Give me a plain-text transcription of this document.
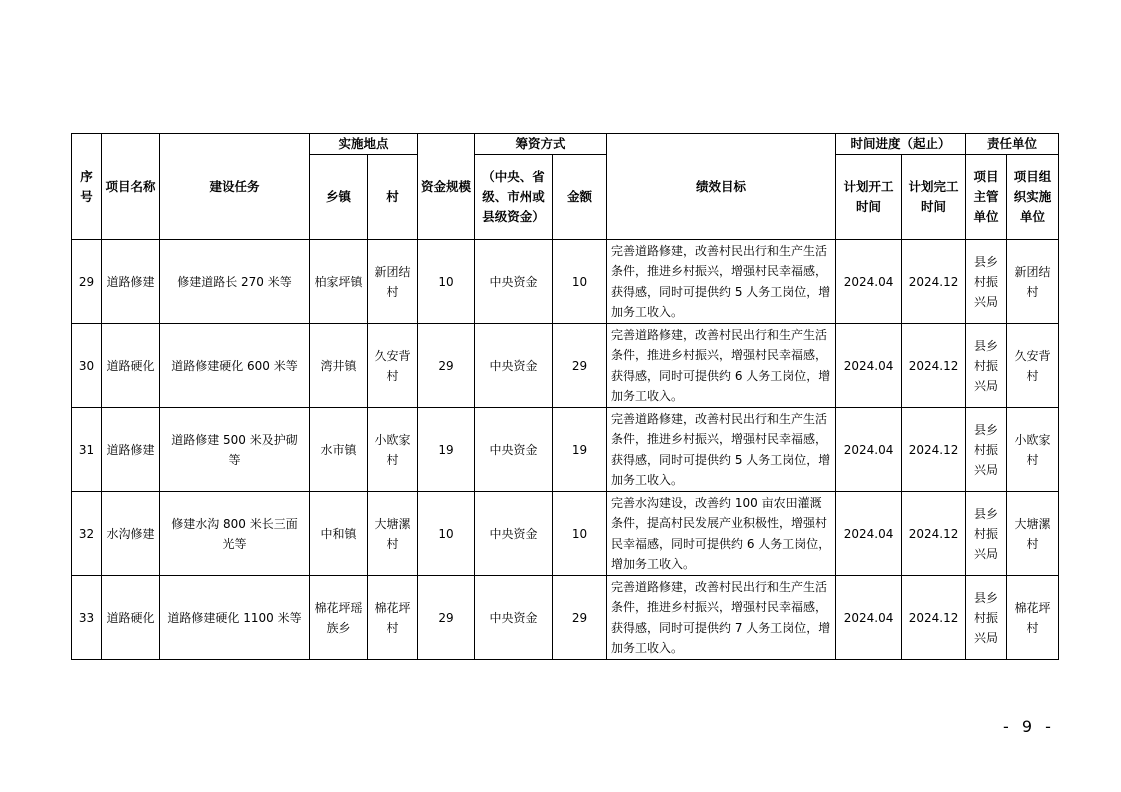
序号	项目名称	建设任务	实施地点		资金规模	筹资方式		绩效目标	时间进度（起止）		责任单位	
			乡镇	村		（中央、省级、市州或县级资金）	金额		计划开工时间	计划完工时间	项目主管单位	项目组织实施单位
29	道路修建	修建道路长 270 米等	柏家坪镇	新团结村	10	中央资金	10	完善道路修建，改善村民出行和生产生活条件，推进乡村振兴，增强村民幸福感，获得感，同时可提供约 5 人务工岗位，增加务工收入。	2024.04	2024.12	县乡村振兴局	新团结村
30	道路硬化	道路修建硬化 600 米等	湾井镇	久安背村	29	中央资金	29	完善道路修建，改善村民出行和生产生活条件，推进乡村振兴，增强村民幸福感，获得感，同时可提供约 6 人务工岗位，增加务工收入。	2024.04	2024.12	县乡村振兴局	久安背村
31	道路修建	道路修建 500 米及护砌等	水市镇	小欧家村	19	中央资金	19	完善道路修建，改善村民出行和生产生活条件，推进乡村振兴，增强村民幸福感，获得感，同时可提供约 5 人务工岗位，增加务工收入。	2024.04	2024.12	县乡村振兴局	小欧家村
32	水沟修建	修建水沟 800 米长三面光等	中和镇	大塘漯村	10	中央资金	10	完善水沟建设，改善约 100 亩农田灌溉条件，提高村民发展产业积极性，增强村民幸福感，同时可提供约 6 人务工岗位，增加务工收入。	2024.04	2024.12	县乡村振兴局	大塘漯村
33	道路硬化	道路修建硬化 1100 米等	棉花坪瑶族乡	棉花坪村	29	中央资金	29	完善道路修建，改善村民出行和生产生活条件，推进乡村振兴，增强村民幸福感，获得感，同时可提供约 7 人务工岗位，增加务工收入。	2024.04	2024.12	县乡村振兴局	棉花坪村
- 9 -
